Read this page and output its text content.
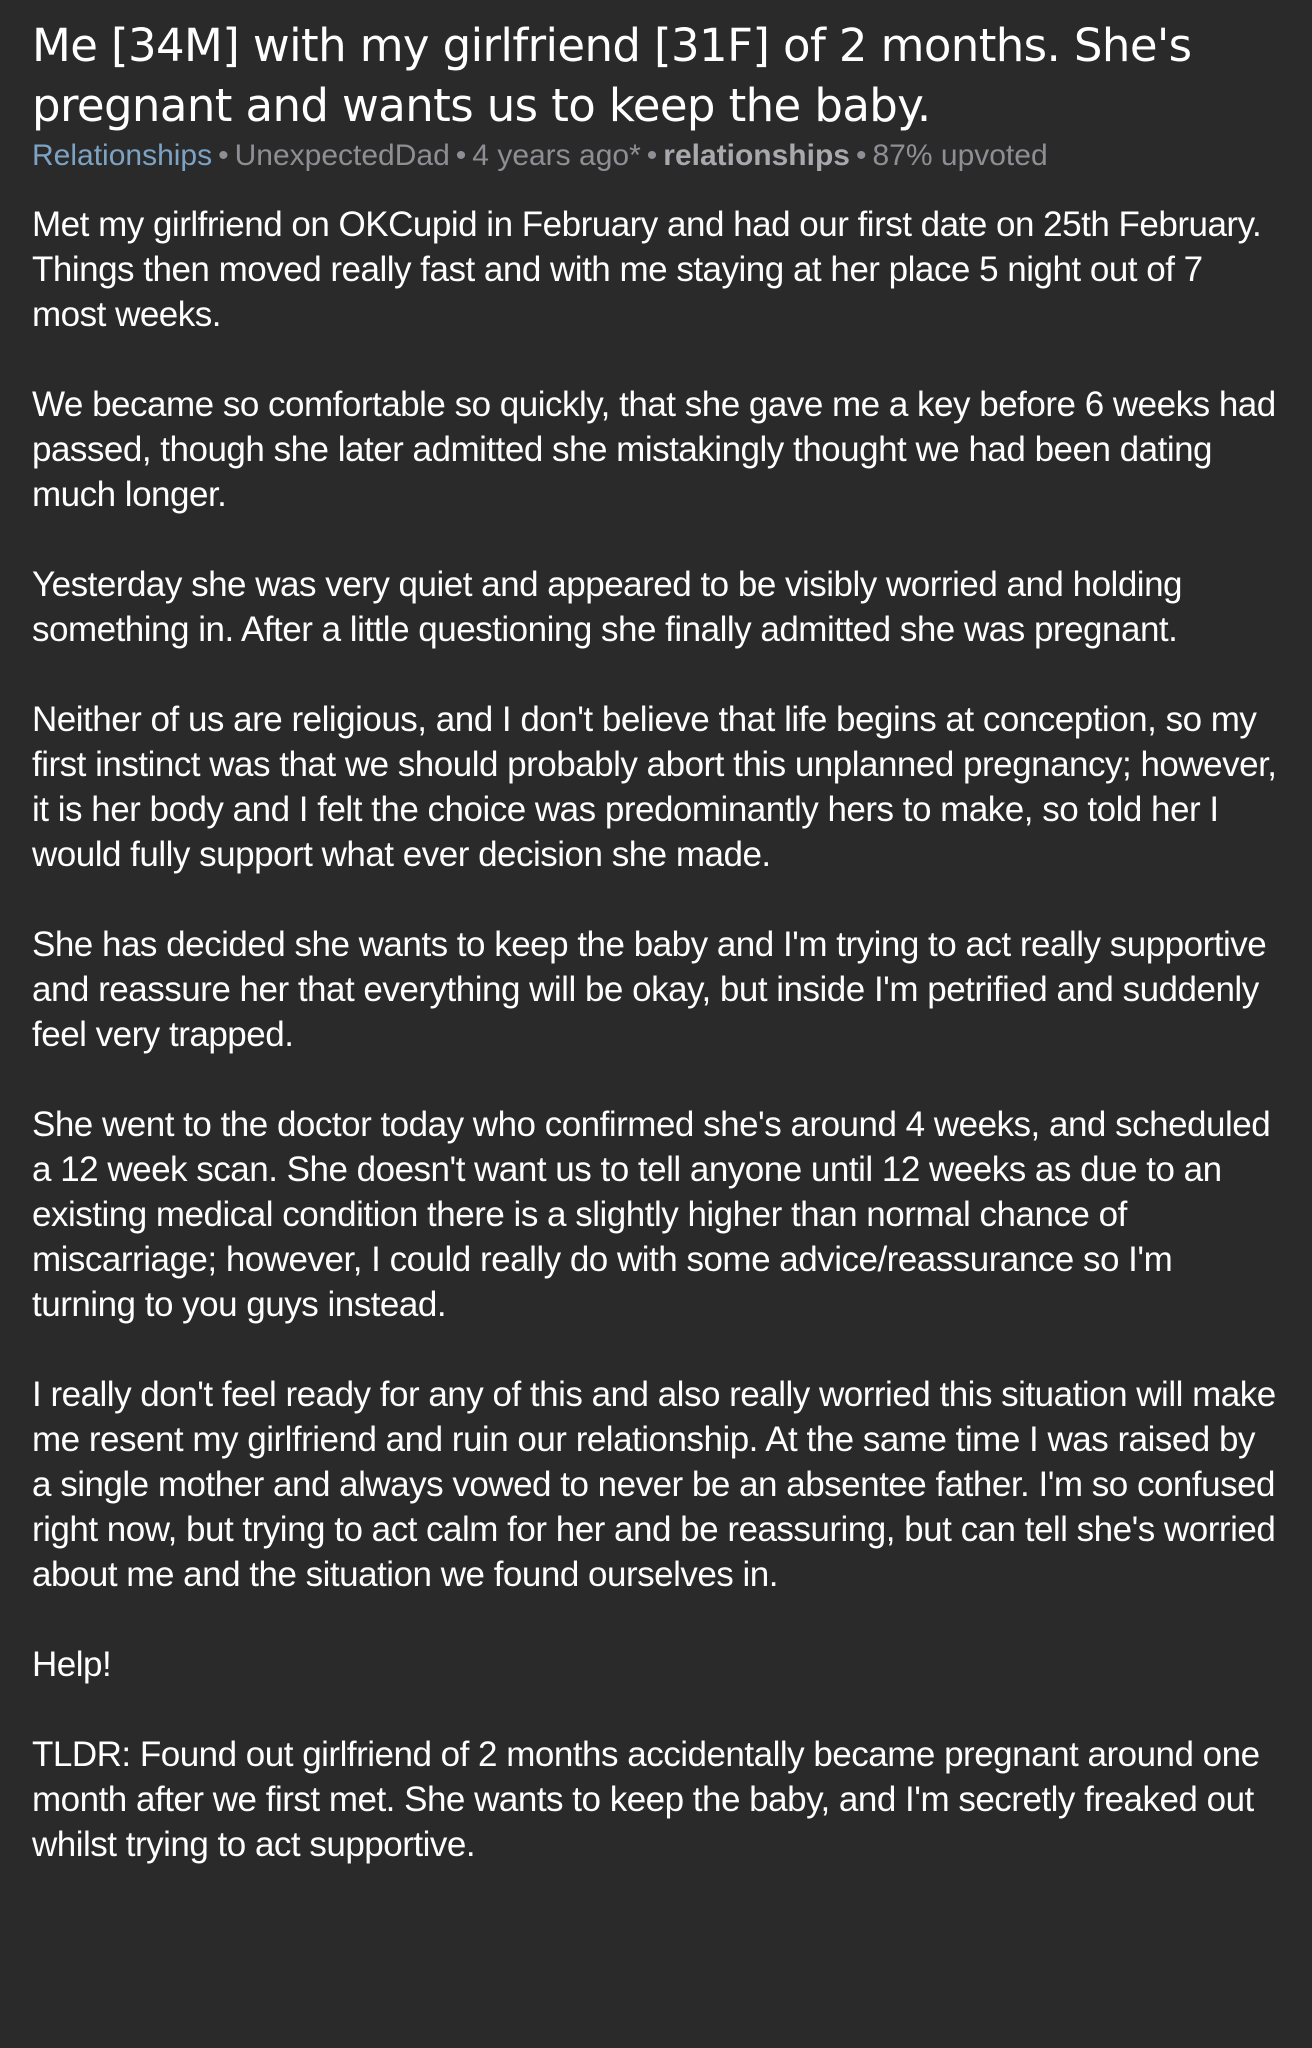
Me [34M] with my girlfriend [31F] of 2 months. She's pregnant and wants us to keep the baby.
Relationships • UnexpectedDad • 4 years ago* • relationships • 87% upvoted

Met my girlfriend on OKCupid in February and had our first date on 25th February. Things then moved really fast and with me staying at her place 5 night out of 7 most weeks.

We became so comfortable so quickly, that she gave me a key before 6 weeks had passed, though she later admitted she mistakingly thought we had been dating much longer.

Yesterday she was very quiet and appeared to be visibly worried and holding something in. After a little questioning she finally admitted she was pregnant.

Neither of us are religious, and I don't believe that life begins at conception, so my first instinct was that we should probably abort this unplanned pregnancy; however, it is her body and I felt the choice was predominantly hers to make, so told her I would fully support what ever decision she made.

She has decided she wants to keep the baby and I'm trying to act really supportive and reassure her that everything will be okay, but inside I'm petrified and suddenly feel very trapped.

She went to the doctor today who confirmed she's around 4 weeks, and scheduled a 12 week scan. She doesn't want us to tell anyone until 12 weeks as due to an existing medical condition there is a slightly higher than normal chance of miscarriage; however, I could really do with some advice/reassurance so I'm turning to you guys instead.

I really don't feel ready for any of this and also really worried this situation will make me resent my girlfriend and ruin our relationship. At the same time I was raised by a single mother and always vowed to never be an absentee father. I'm so confused right now, but trying to act calm for her and be reassuring, but can tell she's worried about me and the situation we found ourselves in.

Help!

TLDR: Found out girlfriend of 2 months accidentally became pregnant around one month after we first met. She wants to keep the baby, and I'm secretly freaked out whilst trying to act supportive.
